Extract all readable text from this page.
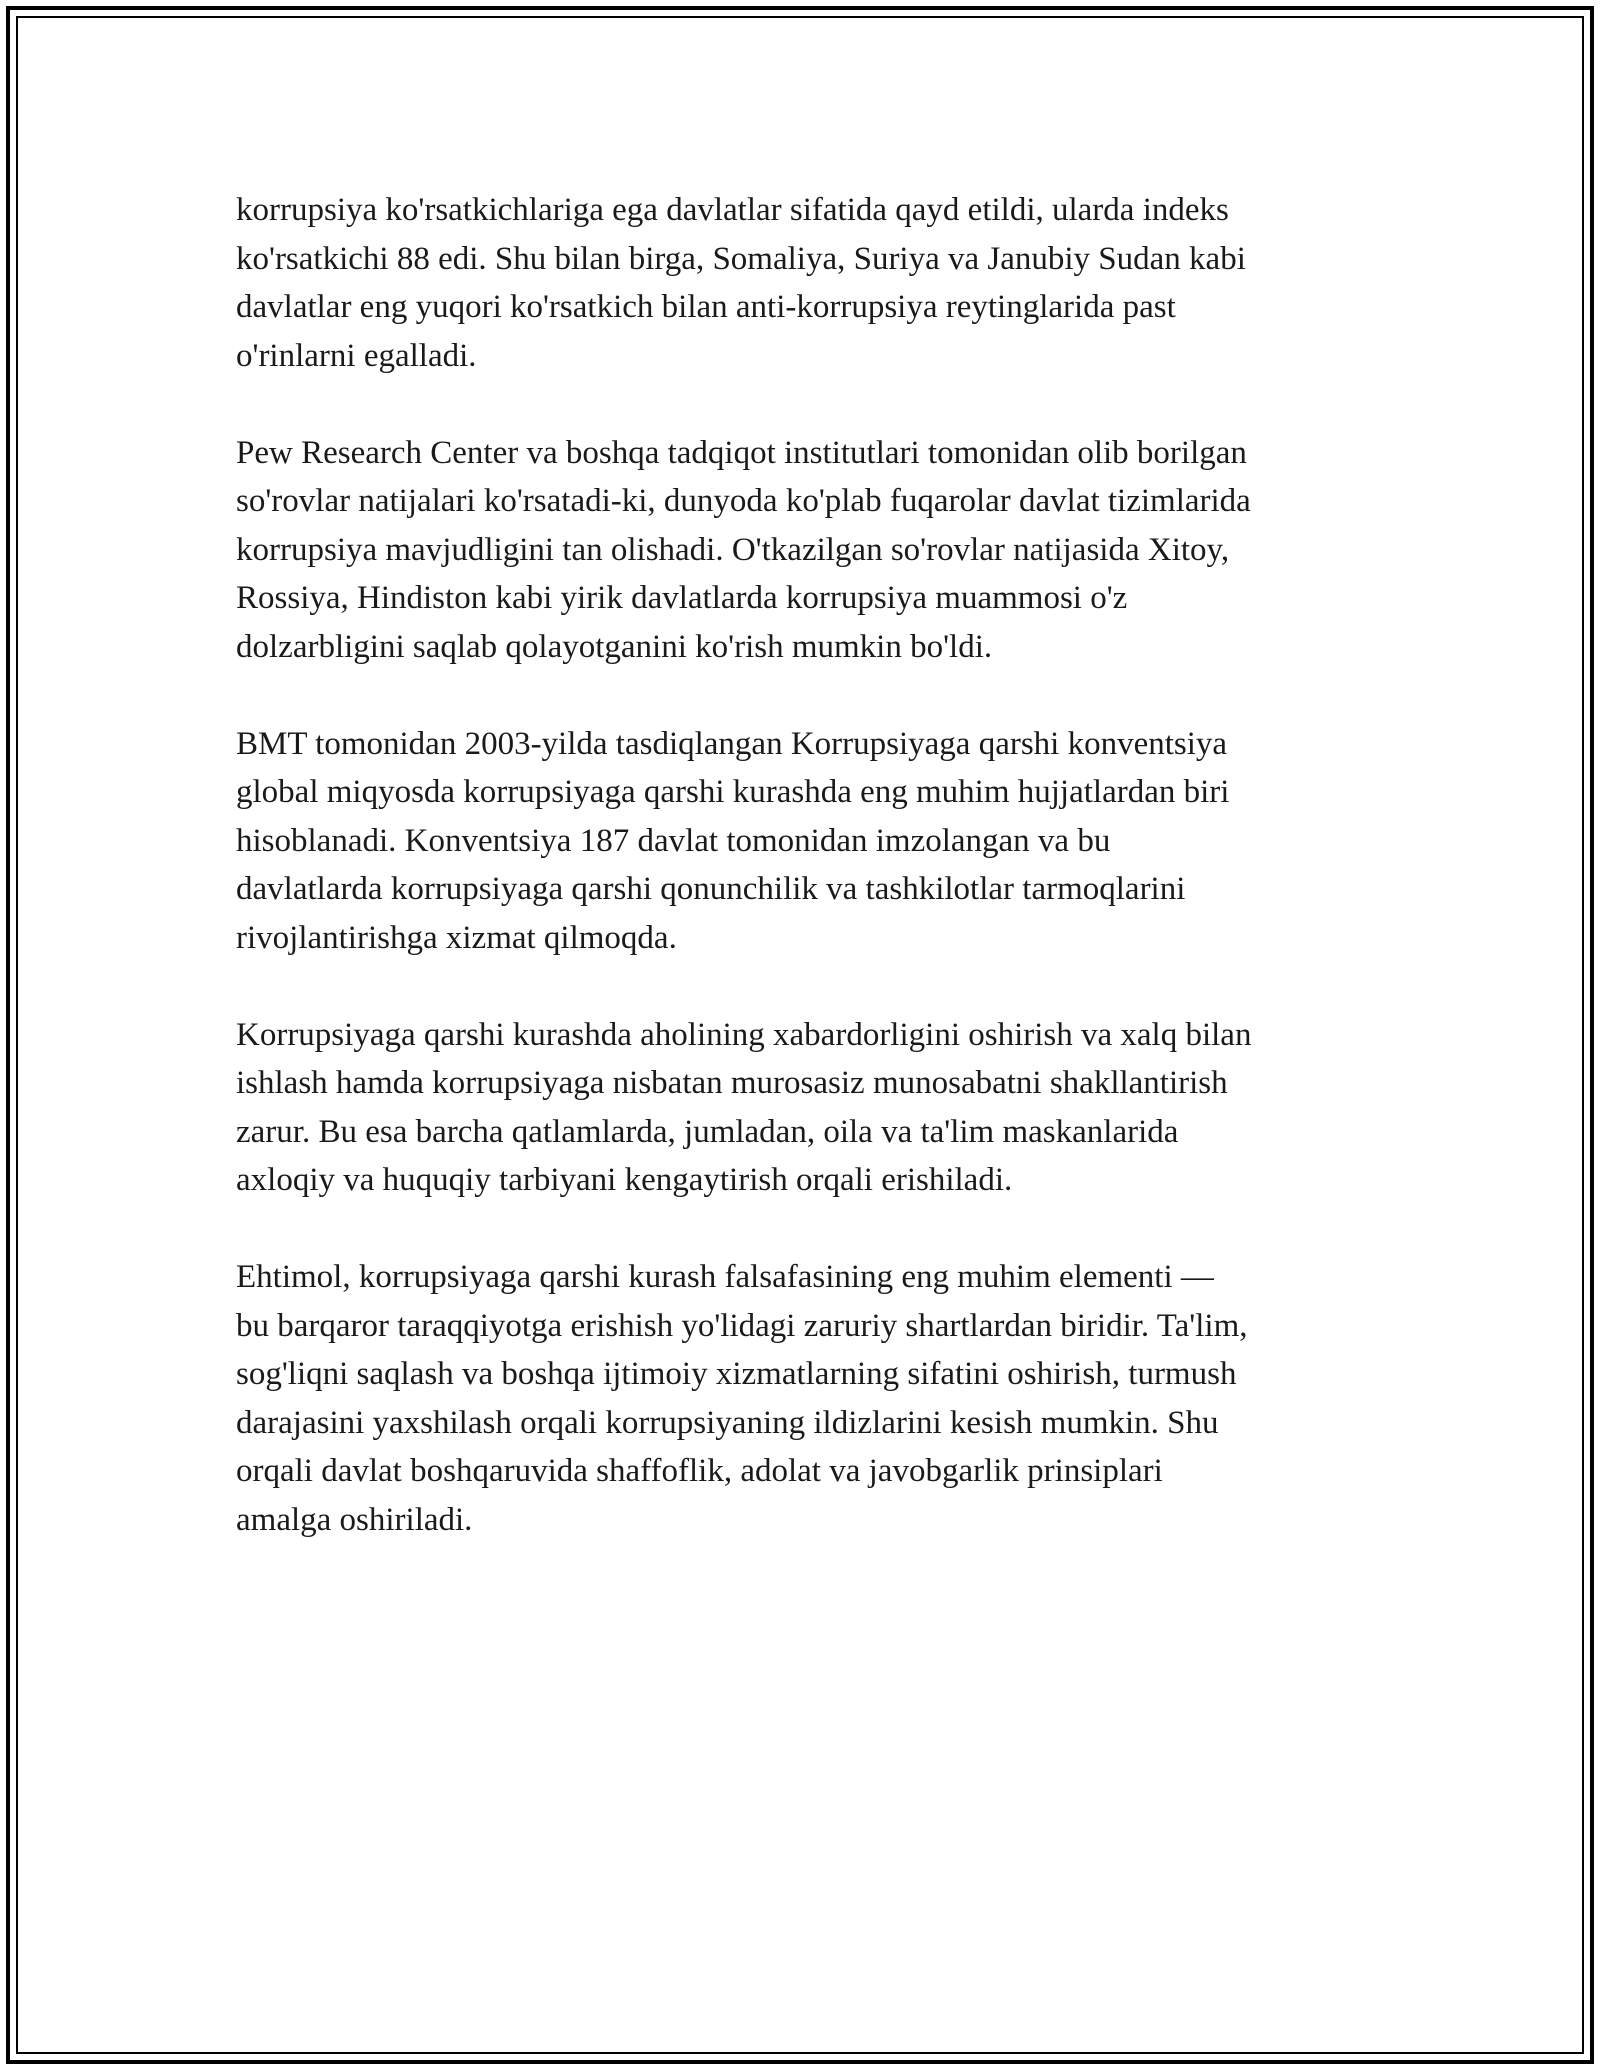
korrupsiya ko'rsatkichlariga ega davlatlar sifatida qayd etildi, ularda indeks
ko'rsatkichi 88 edi. Shu bilan birga, Somaliya, Suriya va Janubiy Sudan kabi
davlatlar eng yuqori ko'rsatkich bilan anti-korrupsiya reytinglarida past
o'rinlarni egalladi.

Pew Research Center va boshqa tadqiqot institutlari tomonidan olib borilgan
so'rovlar natijalari ko'rsatadi-ki, dunyoda ko'plab fuqarolar davlat tizimlarida
korrupsiya mavjudligini tan olishadi. O'tkazilgan so'rovlar natijasida Xitoy,
Rossiya, Hindiston kabi yirik davlatlarda korrupsiya muammosi o'z
dolzarbligini saqlab qolayotganini ko'rish mumkin bo'ldi.

BMT tomonidan 2003-yilda tasdiqlangan Korrupsiyaga qarshi konventsiya
global miqyosda korrupsiyaga qarshi kurashda eng muhim hujjatlardan biri
hisoblanadi. Konventsiya 187 davlat tomonidan imzolangan va bu
davlatlarda korrupsiyaga qarshi qonunchilik va tashkilotlar tarmoqlarini
rivojlantirishga xizmat qilmoqda.

Korrupsiyaga qarshi kurashda aholining xabardorligini oshirish va xalq bilan
ishlash hamda korrupsiyaga nisbatan murosasiz munosabatni shakllantirish
zarur. Bu esa barcha qatlamlarda, jumladan, oila va ta'lim maskanlarida
axloqiy va huquqiy tarbiyani kengaytirish orqali erishiladi.

Ehtimol, korrupsiyaga qarshi kurash falsafasining eng muhim elementi —
bu barqaror taraqqiyotga erishish yo'lidagi zaruriy shartlardan biridir. Ta'lim,
sog'liqni saqlash va boshqa ijtimoiy xizmatlarning sifatini oshirish, turmush
darajasini yaxshilash orqali korrupsiyaning ildizlarini kesish mumkin. Shu
orqali davlat boshqaruvida shaffoflik, adolat va javobgarlik prinsiplari
amalga oshiriladi.
